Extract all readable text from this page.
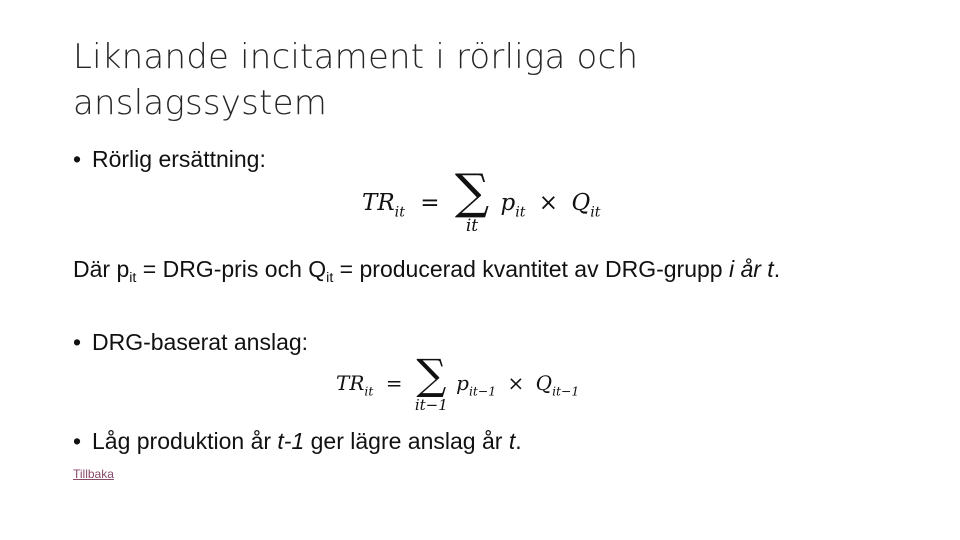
Liknande incitament i rörliga och anslagssystem
• Rörlig ersättning:
$TR_{it}$ = ∑
it
$p_{it} \times Q_{it}$
Där $p_{it}$ = DRG-pris och $Q_{it}$ = producerad kvantitet av DRG-grupp i år t.
• DRG-baserat anslag:
$TR_{it}$ = ∑
it−1
$p_{it-1} \times Q_{it-1}$
• Låg produktion år t-1 ger lägre anslag år t.
Tillbaka
